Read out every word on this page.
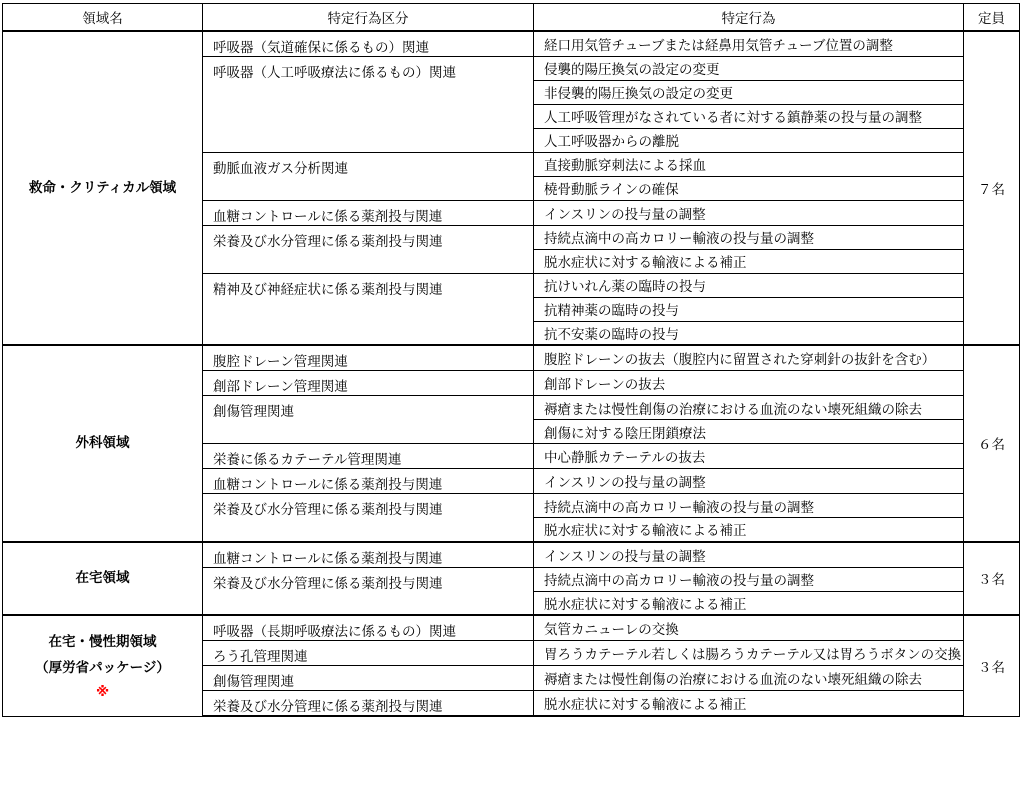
領域名	特定行為区分	特定行為	定員

救命・クリティカル領域	呼吸器（気道確保に係るもの）関連	経口用気管チューブまたは経鼻用気管チューブ位置の調整	７名
	呼吸器（人工呼吸療法に係るもの）関連	侵襲的陽圧換気の設定の変更	
		非侵襲的陽圧換気の設定の変更	
		人工呼吸管理がなされている者に対する鎮静薬の投与量の調整	
		人工呼吸器からの離脱	
	動脈血液ガス分析関連	直接動脈穿刺法による採血	
		橈骨動脈ラインの確保	
	血糖コントロールに係る薬剤投与関連	インスリンの投与量の調整	
	栄養及び水分管理に係る薬剤投与関連	持続点滴中の高カロリー輸液の投与量の調整	
		脱水症状に対する輸液による補正	
	精神及び神経症状に係る薬剤投与関連	抗けいれん薬の臨時の投与	
		抗精神薬の臨時の投与	
		抗不安薬の臨時の投与	

外科領域	腹腔ドレーン管理関連	腹腔ドレーンの抜去（腹腔内に留置された穿刺針の抜針を含む）	６名
	創部ドレーン管理関連	創部ドレーンの抜去	
	創傷管理関連	褥瘡または慢性創傷の治療における血流のない壊死組織の除去	
		創傷に対する陰圧閉鎖療法	
	栄養に係るカテーテル管理関連	中心静脈カテーテルの抜去	
	血糖コントロールに係る薬剤投与関連	インスリンの投与量の調整	
	栄養及び水分管理に係る薬剤投与関連	持続点滴中の高カロリー輸液の投与量の調整	
		脱水症状に対する輸液による補正	

在宅領域	血糖コントロールに係る薬剤投与関連	インスリンの投与量の調整	３名
	栄養及び水分管理に係る薬剤投与関連	持続点滴中の高カロリー輸液の投与量の調整	
		脱水症状に対する輸液による補正	

在宅・慢性期領域
（厚労省パッケージ）
※	呼吸器（長期呼吸療法に係るもの）関連	気管カニューレの交換	３名
	ろう孔管理関連	胃ろうカテーテル若しくは腸ろうカテーテル又は胃ろうボタンの交換	
	創傷管理関連	褥瘡または慢性創傷の治療における血流のない壊死組織の除去	
	栄養及び水分管理に係る薬剤投与関連	脱水症状に対する輸液による補正	
